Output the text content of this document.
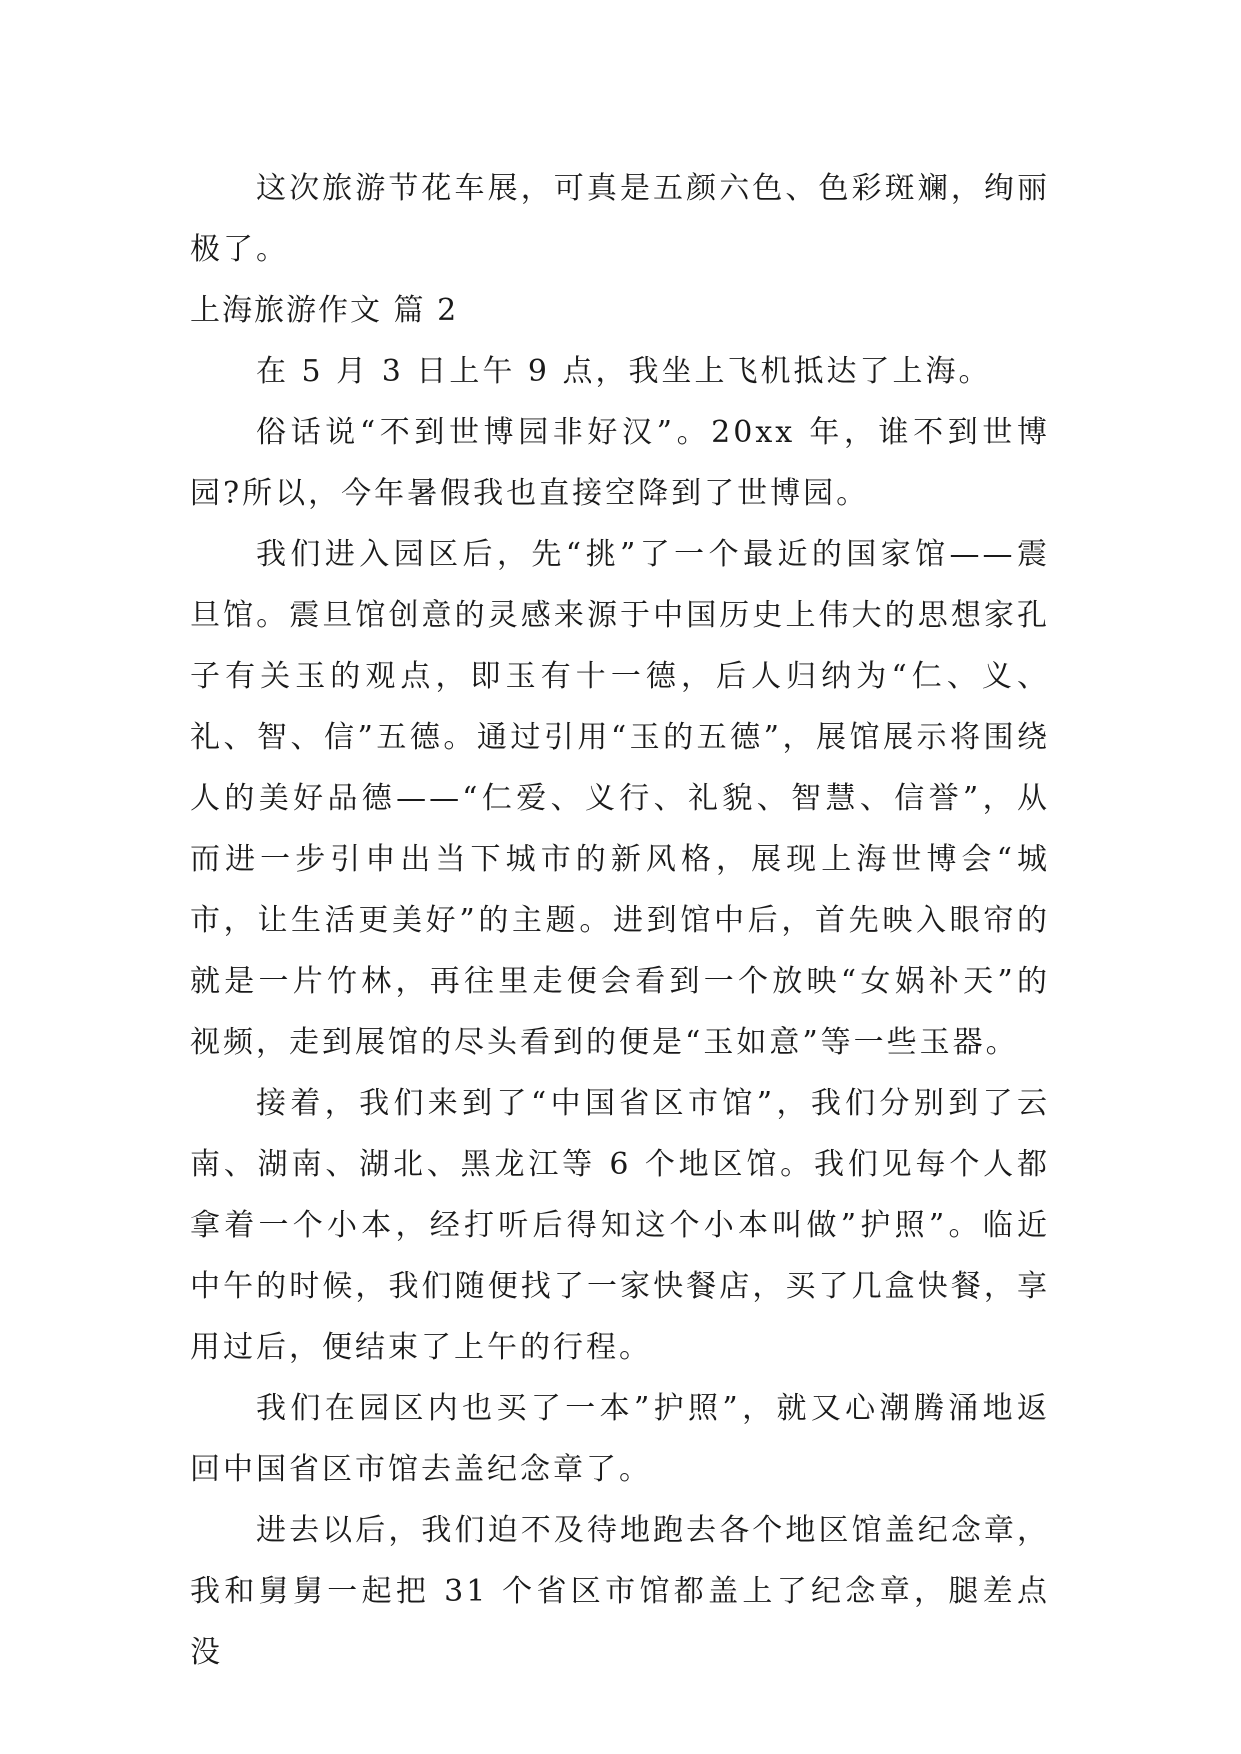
这次旅游节花车展，可真是五颜六色、色彩斑斓，绚丽极了。

上海旅游作文 篇 2

在 5 月 3 日上午 9 点，我坐上飞机抵达了上海。

俗话说“不到世博园非好汉”。20xx 年，谁不到世博园?所以，今年暑假我也直接空降到了世博园。

我们进入园区后，先“挑”了一个最近的国家馆——震旦馆。震旦馆创意的灵感来源于中国历史上伟大的思想家孔子有关玉的观点，即玉有十一德，后人归纳为“仁、义、礼、智、信”五德。通过引用“玉的五德”，展馆展示将围绕人的美好品德——“仁爱、义行、礼貌、智慧、信誉”，从而进一步引申出当下城市的新风格，展现上海世博会“城市，让生活更美好”的主题。进到馆中后，首先映入眼帘的就是一片竹林，再往里走便会看到一个放映“女娲补天”的视频，走到展馆的尽头看到的便是“玉如意”等一些玉器。

接着，我们来到了“中国省区市馆”，我们分别到了云南、湖南、湖北、黑龙江等 6 个地区馆。我们见每个人都拿着一个小本，经打听后得知这个小本叫做”护照”。临近中午的时候，我们随便找了一家快餐店，买了几盒快餐，享用过后，便结束了上午的行程。

我们在园区内也买了一本”护照”，就又心潮腾涌地返回中国省区市馆去盖纪念章了。

进去以后，我们迫不及待地跑去各个地区馆盖纪念章，我和舅舅一起把 31 个省区市馆都盖上了纪念章，腿差点没
